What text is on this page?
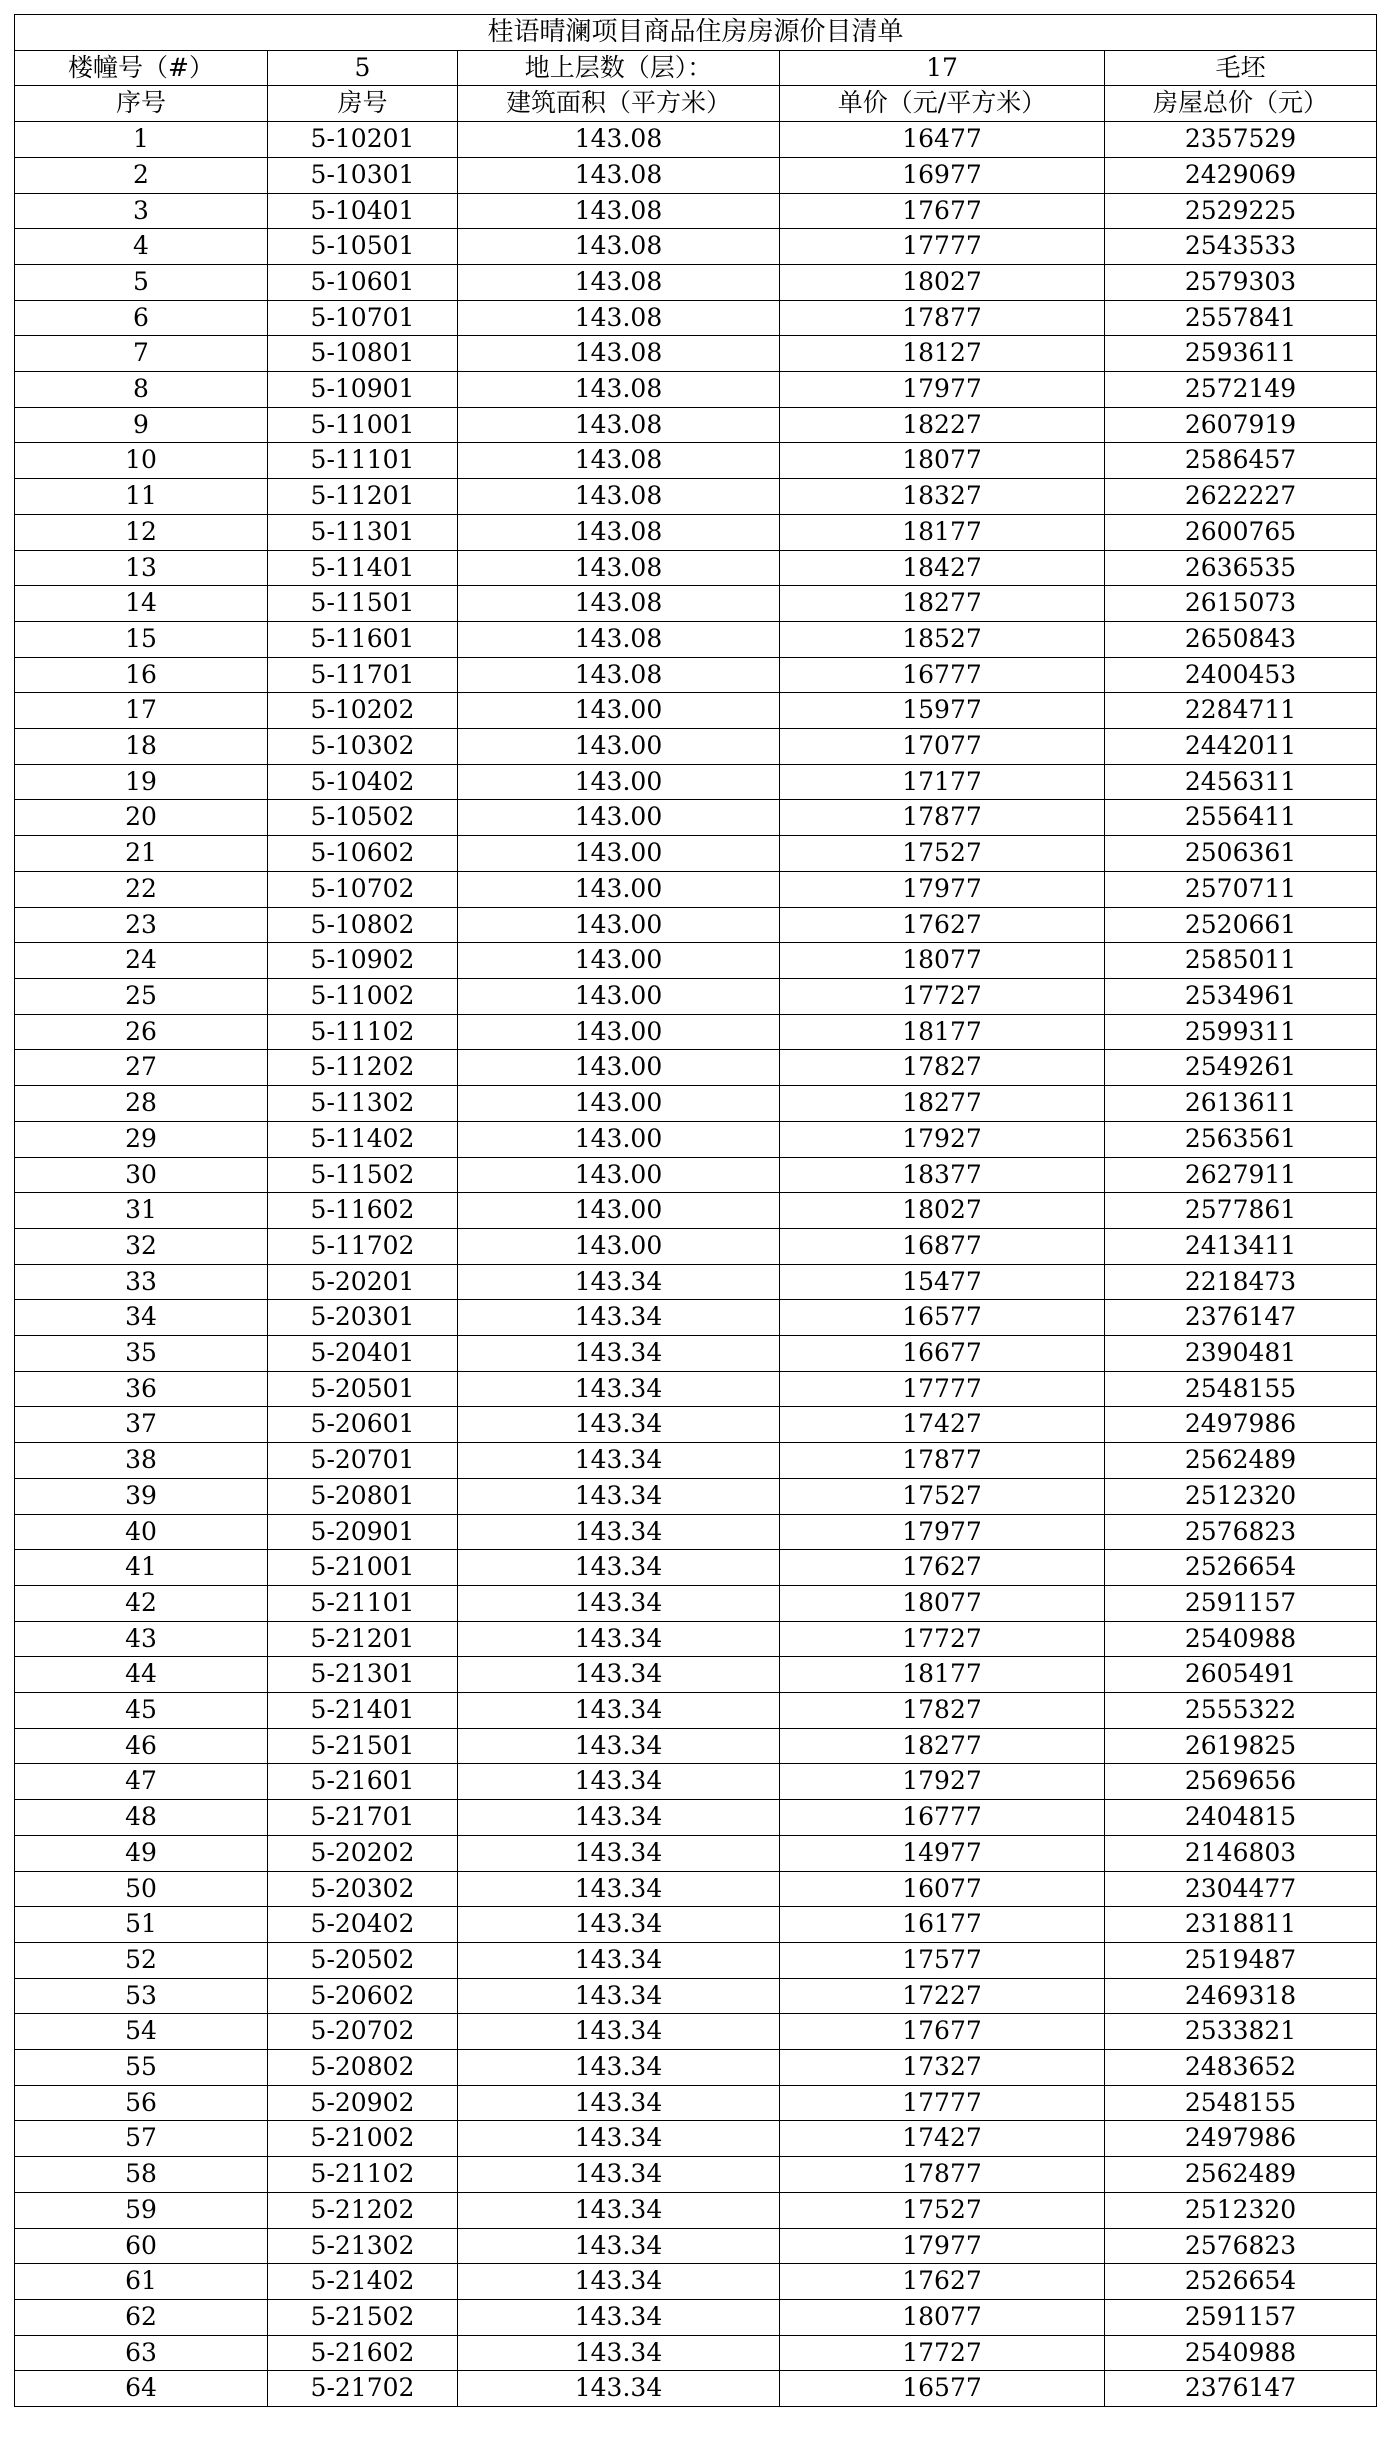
桂语晴澜项目商品住房房源价目清单				
楼幢号（#）	5	地上层数（层）：	17	毛坯
序号	房号	建筑面积（平方米）	单价（元/平方米）	房屋总价（元）
1	5-10201	143.08	16477	2357529
2	5-10301	143.08	16977	2429069
3	5-10401	143.08	17677	2529225
4	5-10501	143.08	17777	2543533
5	5-10601	143.08	18027	2579303
6	5-10701	143.08	17877	2557841
7	5-10801	143.08	18127	2593611
8	5-10901	143.08	17977	2572149
9	5-11001	143.08	18227	2607919
10	5-11101	143.08	18077	2586457
11	5-11201	143.08	18327	2622227
12	5-11301	143.08	18177	2600765
13	5-11401	143.08	18427	2636535
14	5-11501	143.08	18277	2615073
15	5-11601	143.08	18527	2650843
16	5-11701	143.08	16777	2400453
17	5-10202	143.00	15977	2284711
18	5-10302	143.00	17077	2442011
19	5-10402	143.00	17177	2456311
20	5-10502	143.00	17877	2556411
21	5-10602	143.00	17527	2506361
22	5-10702	143.00	17977	2570711
23	5-10802	143.00	17627	2520661
24	5-10902	143.00	18077	2585011
25	5-11002	143.00	17727	2534961
26	5-11102	143.00	18177	2599311
27	5-11202	143.00	17827	2549261
28	5-11302	143.00	18277	2613611
29	5-11402	143.00	17927	2563561
30	5-11502	143.00	18377	2627911
31	5-11602	143.00	18027	2577861
32	5-11702	143.00	16877	2413411
33	5-20201	143.34	15477	2218473
34	5-20301	143.34	16577	2376147
35	5-20401	143.34	16677	2390481
36	5-20501	143.34	17777	2548155
37	5-20601	143.34	17427	2497986
38	5-20701	143.34	17877	2562489
39	5-20801	143.34	17527	2512320
40	5-20901	143.34	17977	2576823
41	5-21001	143.34	17627	2526654
42	5-21101	143.34	18077	2591157
43	5-21201	143.34	17727	2540988
44	5-21301	143.34	18177	2605491
45	5-21401	143.34	17827	2555322
46	5-21501	143.34	18277	2619825
47	5-21601	143.34	17927	2569656
48	5-21701	143.34	16777	2404815
49	5-20202	143.34	14977	2146803
50	5-20302	143.34	16077	2304477
51	5-20402	143.34	16177	2318811
52	5-20502	143.34	17577	2519487
53	5-20602	143.34	17227	2469318
54	5-20702	143.34	17677	2533821
55	5-20802	143.34	17327	2483652
56	5-20902	143.34	17777	2548155
57	5-21002	143.34	17427	2497986
58	5-21102	143.34	17877	2562489
59	5-21202	143.34	17527	2512320
60	5-21302	143.34	17977	2576823
61	5-21402	143.34	17627	2526654
62	5-21502	143.34	18077	2591157
63	5-21602	143.34	17727	2540988
64	5-21702	143.34	16577	2376147
